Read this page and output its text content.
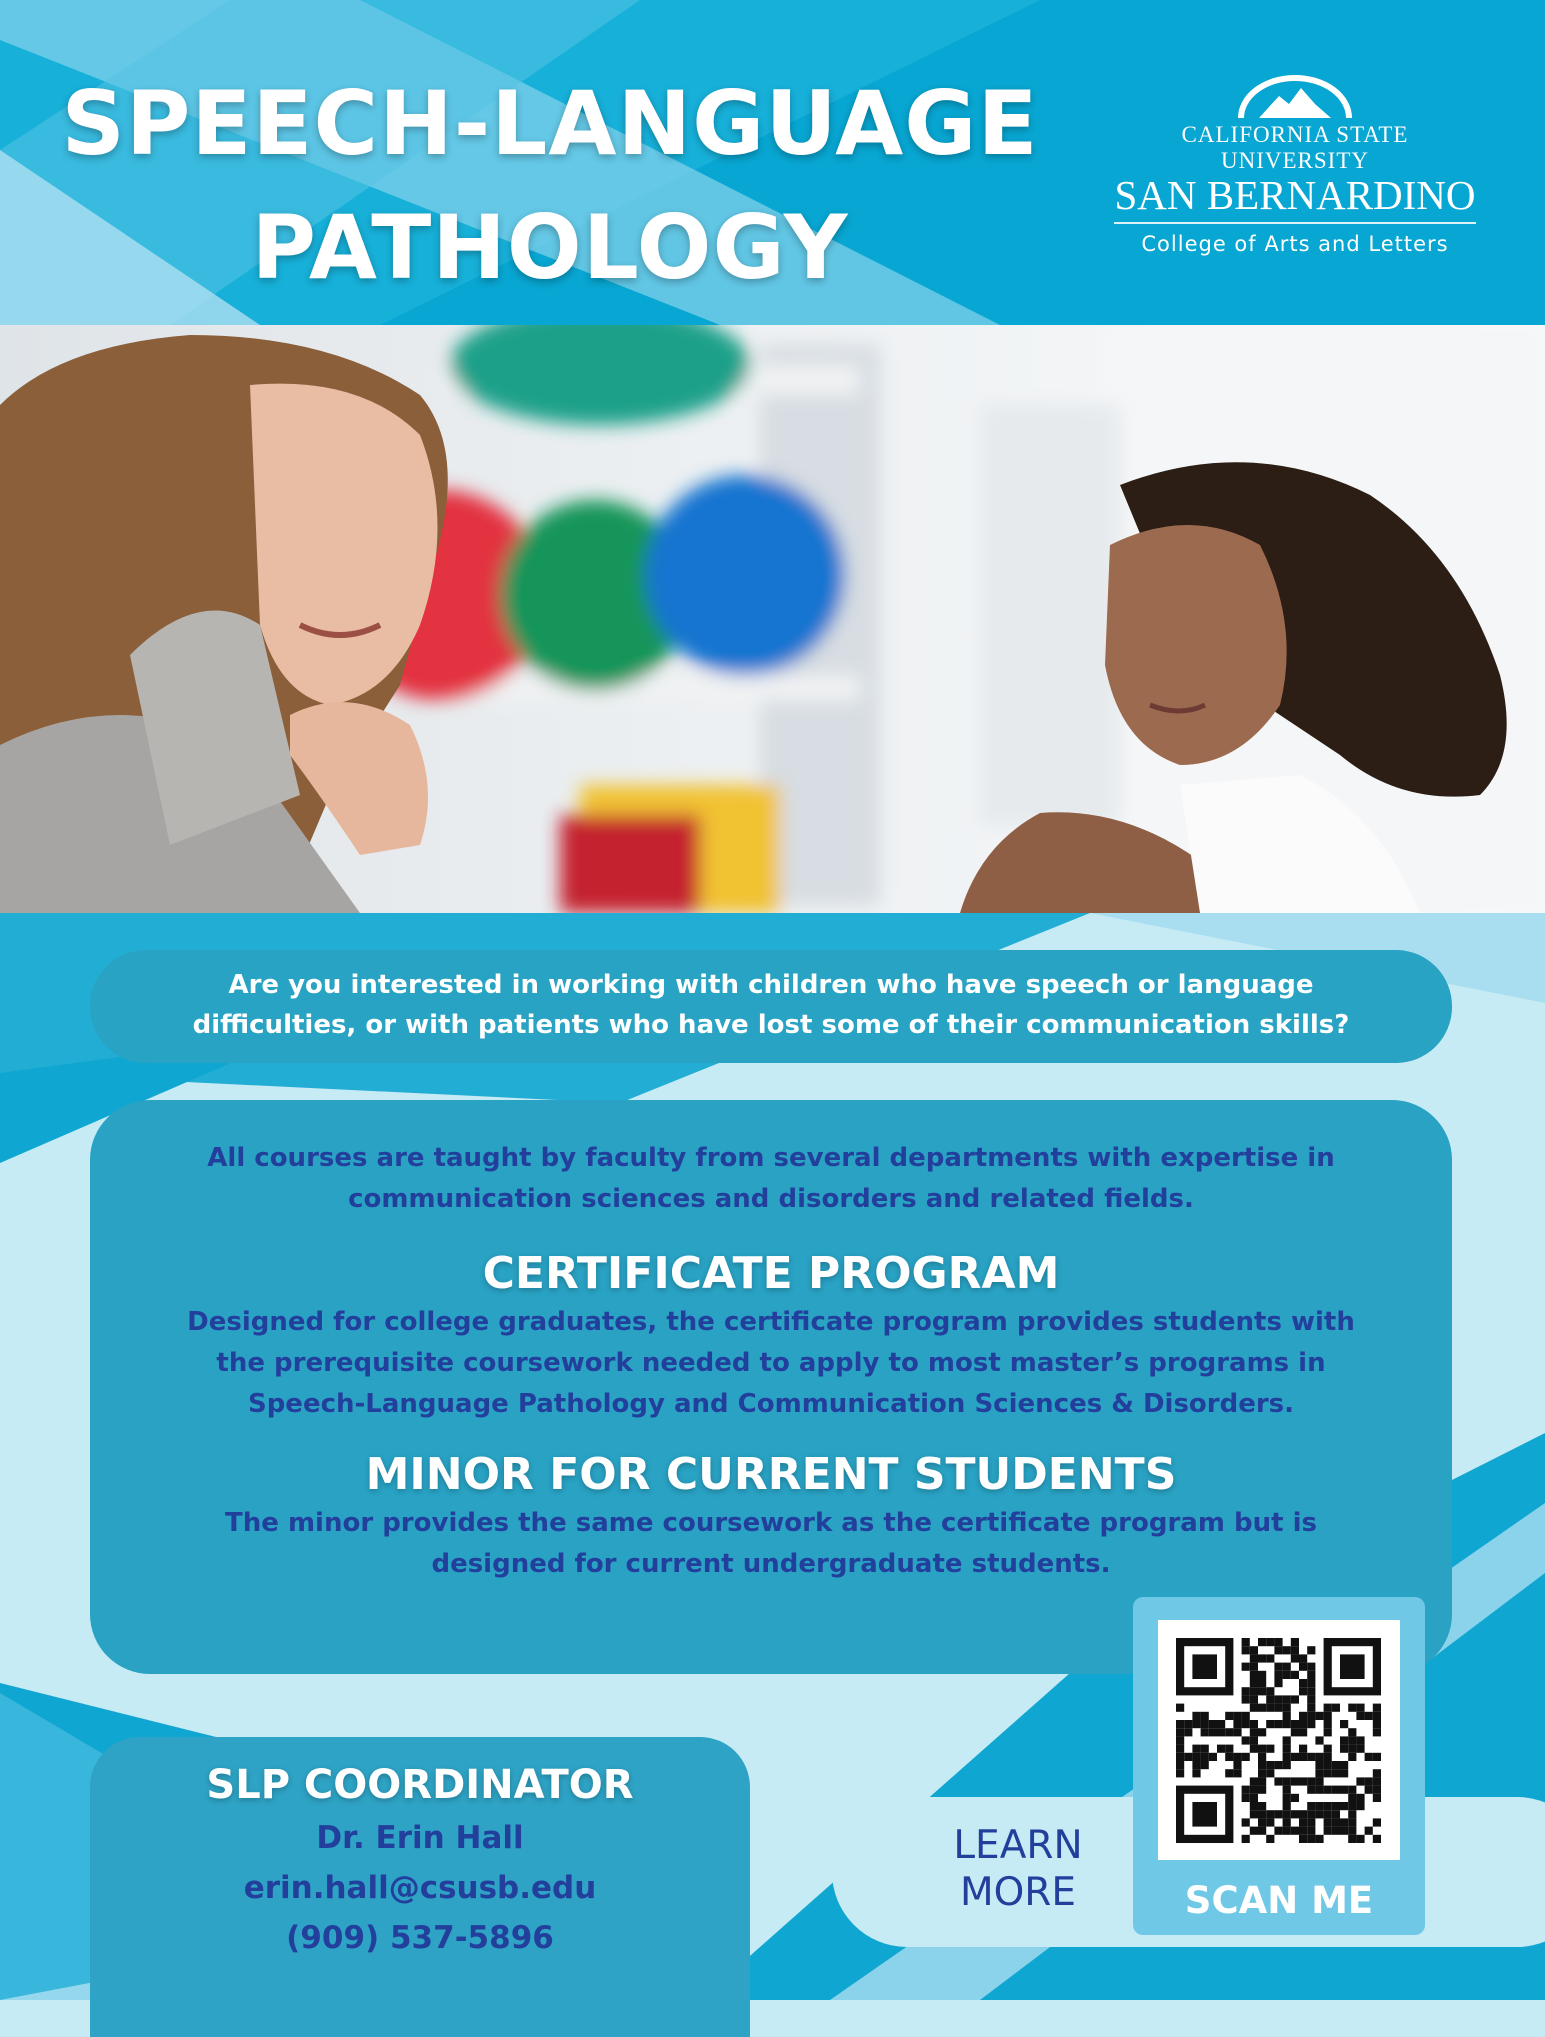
SPEECH-LANGUAGE
PATHOLOGY
CALIFORNIA STATE UNIVERSITY
SAN BERNARDINO
College of Arts and Letters
Are you interested in working with children who have speech or language
difficulties, or with patients who have lost some of their communication skills?

All courses are taught by faculty from several departments with expertise in

communication sciences and disorders and related fields.

CERTIFICATE PROGRAM

Designed for college graduates, the certificate program provides students with

the prerequisite coursework needed to apply to most master’s programs in

Speech-Language Pathology and Communication Sciences & Disorders.

MINOR FOR CURRENT STUDENTS

The minor provides the same coursework as the certificate program but is

designed for current undergraduate students.

SLP COORDINATOR

Dr. Erin Hall

erin.hall@csusb.edu

(909) 537-5896

LEARN
MORE	SCAN ME
